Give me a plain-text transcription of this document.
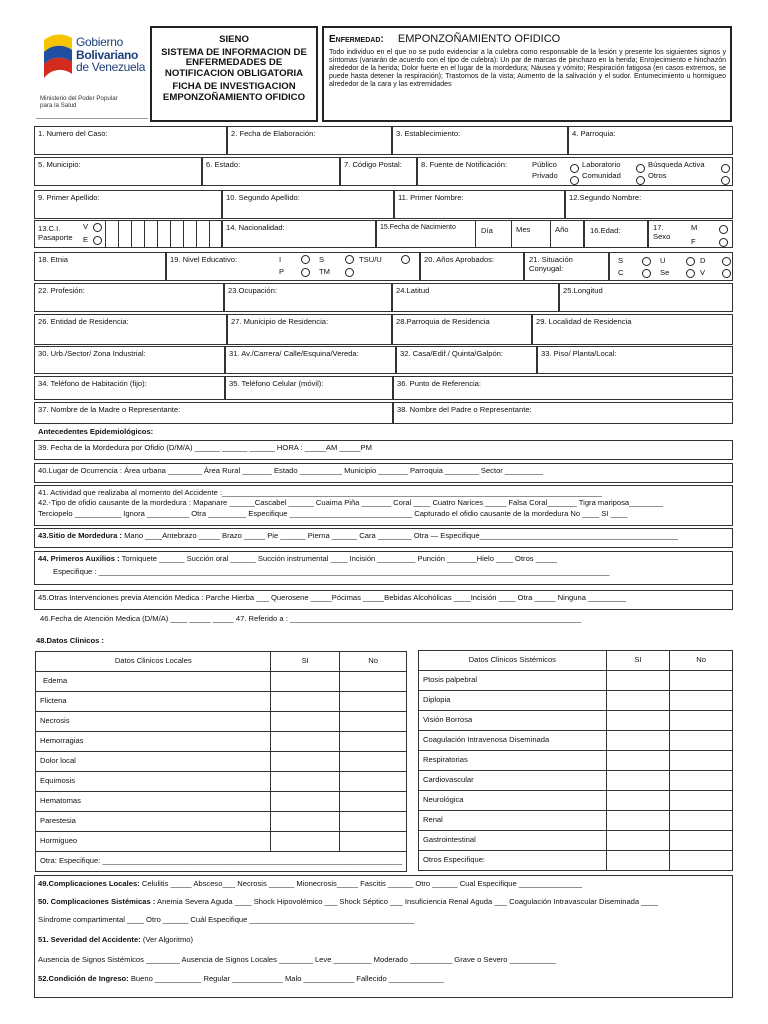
Gobierno
Bolivariano
de Venezuela
Ministerio del Poder Popular
para la Salud
SIENO
SISTEMA DE INFORMACION DE ENFERMEDADES DE NOTIFICACION OBLIGATORIA
FICHA DE INVESTIGACION EMPONZOÑAMIENTO OFIDICO
Enfermedad: EMPONZOÑAMIENTO OFIDICO
Todo individuo en el que no se pudo evidenciar a la culebra como responsable de la lesión y presente los siguientes signos y síntomas (variarán de acuerdo con el tipo de culebra): Un par de marcas de pinchazo en la herida; Enrojecimiento e hinchazón alrededor de la herida; Dolor fuerte en el lugar de la mordedura; Náusea y vómito; Respiración fatigosa (en casos extremos, se puede hasta detener la respiración); Trastornos de la vista; Aumento de la salivación y el sudor. Entumecimiento u hormigueo alrededor de la cara y las extremidades
1. Numero del Caso:	2. Fecha de Elaboración:	3. Establecimiento:	4. Parroquia:
5. Municipio:	6. Estado:	7. Código Postal:	8. Fuente de Notificación:	Público
Privado
Laboratorio
Comunidad
Búsqueda Activa
Otros
9. Primer Apellido:	10. Segundo Apellido:	11. Primer Nombre:	12.Segundo Nombre:
13.C.I.
Pasaporte
V
E
14. Nacionalidad:	15.Fecha de Nacimiento	Día	Mes	Año	16.Edad:	17.
Sexo
M
F
18. Etnia	19. Nivel Educativo:	I	S	TSU/U
P	TM
20. Años Aprobados:	21. Situación
Conyugal:
S	U	D
C	Se	V
22. Profesión:	23.Ocupación:	24.Latitud	25.Longitud
26. Entidad de Residencia:	27. Municipio de Residencia:	28.Parroquia de Residencia	29. Localidad de Residencia
30. Urb./Sector/ Zona Industrial:	31. Av./Carrera/ Calle/Esquina/Vereda:	32. Casa/Edif./ Quinta/Galpón:	33. Piso/ Planta/Local:
34. Teléfono de Habitación (fijo):	35. Teléfono Celular (móvil):	36. Punto de Referencia:
37. Nombre de la Madre o Representante:	38. Nombre del Padre o Representante:
Antecedentes Epidemiológicos:
39. Fecha de la Mordedura por Ofidio (D/M/A) ______ ______ ______ HORA : _____AM _____PM
40.Lugar de Ocurrencia : Área urbana ________ Área Rural _______ Estado __________ Municipio _______ Parroquia ________ Sector _________
41. Actividad que realizaba al momento del Accidente :__________________________________________________________________________________________
42.-Tipo de ofidio causante de la mordedura : Mapanare ______Cascabel ______ Cuaima Piña _______ Coral ____ Cuatro Narices _____ Falsa Coral_______ Tigra mariposa________
Terciopelo ___________ Ignora __________ Otra _________ Especifique _____________________________ Capturado el ofidio causante de la mordedura No ____ SI ____
43.Sitio de Mordedura : Mano ____Antebrazo _____ Brazo _____ Pie ______ Pierna ______ Cara ________ Otra — Especifique_______________________________________________
44. Primeros Auxilios : Torniquete ______ Succión oral ______ Succión instrumental ____ Incisión _________ Punción _______Hielo ____ Otros _____
Especifique : _________________________________________________________________________________________________________________________
45.Otras Intervenciones previa Atención Medica : Parche Hierba ___ Querosene _____Pócimas _____Bebidas Alcohólicas ____Incisión ____ Otra _____ Ninguna _________
46.Fecha de Atención Medica (D/M/A) ____ _____ _____ 47. Referido a : _____________________________________________________________________
48.Datos Clinicos :
Datos Clinicos Locales	SI	No
Edema		
Flictena		
Necrosis		
Hemorragias		
Dolor local		
Equimosis		
Hematomas		
Parestesia		
Hormigueo		
Otra: Especifique: _______________________________________________________________________		
Datos Clinicos Sistémicos	SI	No
Ptosis palpebral		
Diplopia		
Visión Borrosa		
Coagulación Intravenosa Diseminada		
Respiratorias		
Cardiovascular		
Neurológica		
Renal		
Gastrointestinal		
Otros Especifique:		
49.Complicaciones Locales: Celulitis _____ Absceso___ Necrosis ______ Mionecrosis_____ Fascitis ______ Otro ______ Cual Especifique _______________
50. Complicaciones Sistémicas : Anemia Severa Aguda ____ Shock Hipovolémico ___ Shock Séptico ___ Insuficiencia Renal Aguda ___ Coagulación Intravascular Diseminada ____
Síndrome compartimental ____ Otro ______ Cuál Especifique _______________________________________
51. Severidad del Accidente: (Ver Algoritmo)
Ausencia de Signos Sistémicos ________ Ausencia de Signos Locales ________ Leve _________ Moderado __________ Grave o Severo ___________
52.Condición de Ingreso: Bueno ___________ Regular ____________ Malo ____________ Fallecido _____________
